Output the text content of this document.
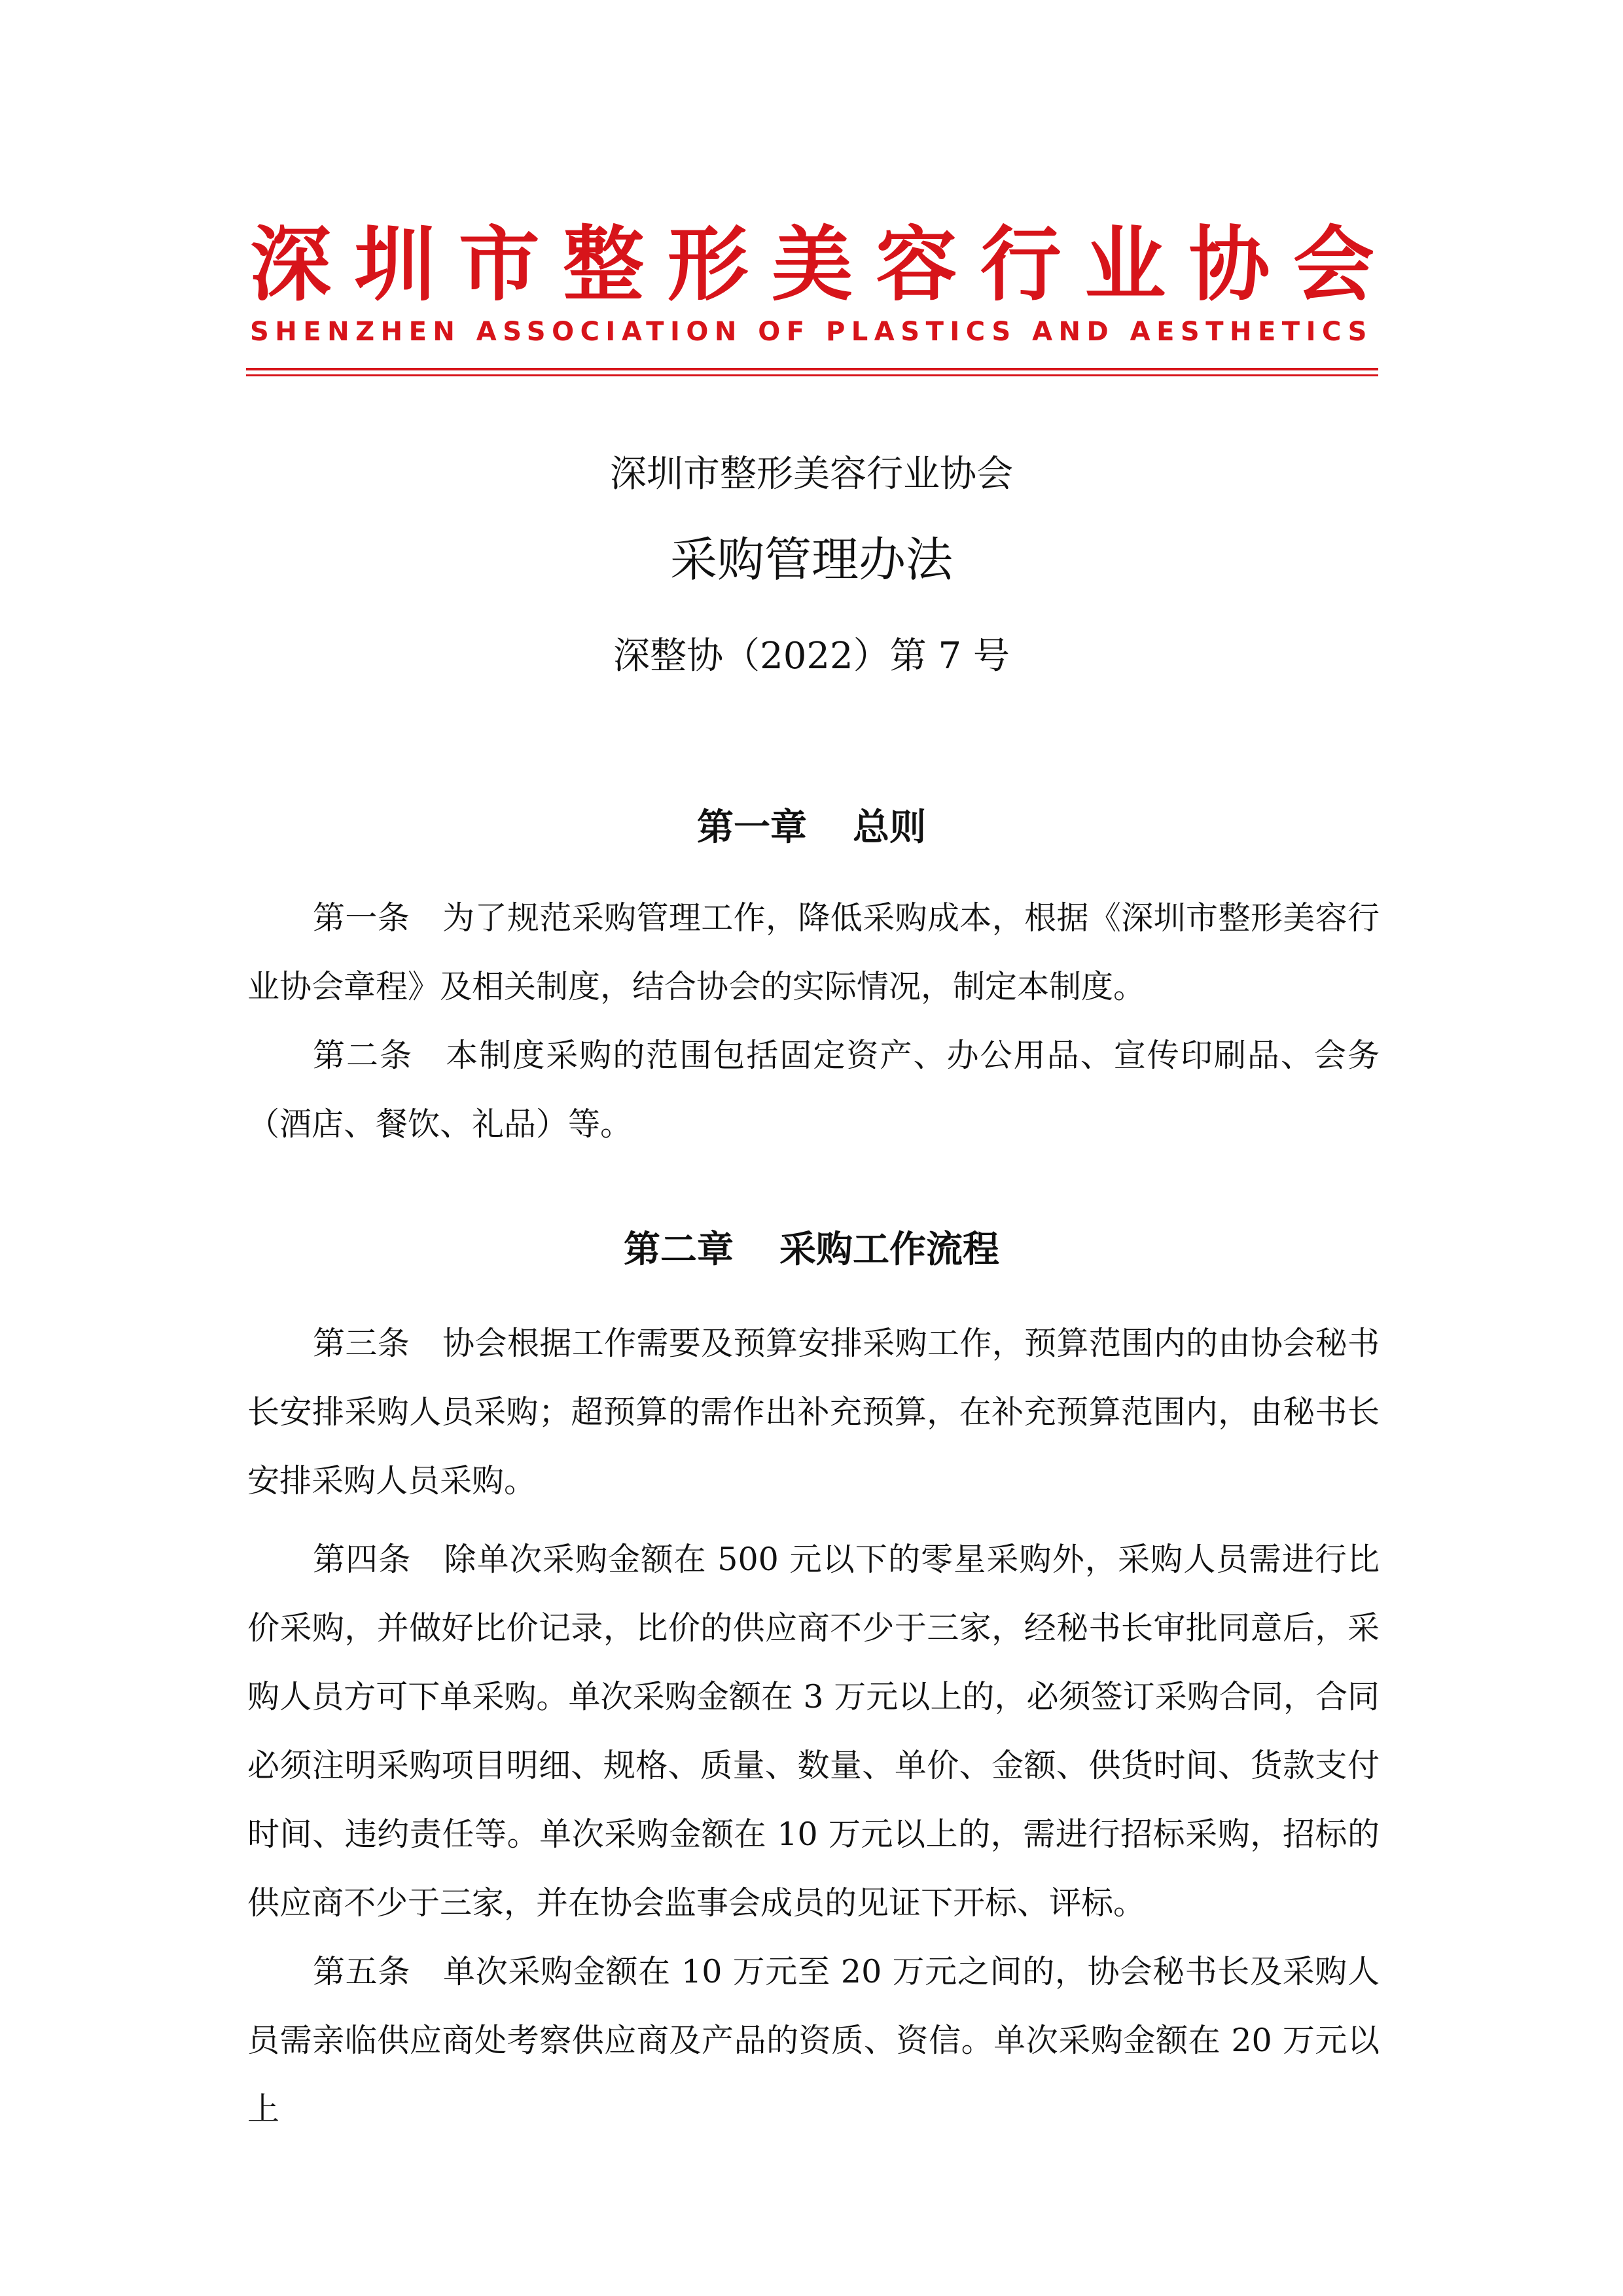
深 圳 市 整 形 美 容 行 业 协 会
SHENZHEN ASSOCIATION OF PLASTICS AND AESTHETICS
深圳市整形美容行业协会
采购管理办法
深整协（2022）第 7 号
第一章 总则
第一条 为了规范采购管理工作，降低采购成本，根据《深圳市整形美容行业协会章程》及相关制度，结合协会的实际情况，制定本制度。
第二条 本制度采购的范围包括固定资产、办公用品、宣传印刷品、会务（酒店、餐饮、礼品）等。
第二章 采购工作流程
第三条 协会根据工作需要及预算安排采购工作，预算范围内的由协会秘书长安排采购人员采购；超预算的需作出补充预算，在补充预算范围内，由秘书长安排采购人员采购。
第四条 除单次采购金额在 500 元以下的零星采购外，采购人员需进行比价采购，并做好比价记录，比价的供应商不少于三家，经秘书长审批同意后，采购人员方可下单采购。单次采购金额在 3 万元以上的，必须签订采购合同，合同必须注明采购项目明细、规格、质量、数量、单价、金额、供货时间、货款支付时间、违约责任等。单次采购金额在 10 万元以上的，需进行招标采购，招标的供应商不少于三家，并在协会监事会成员的见证下开标、评标。
第五条 单次采购金额在 10 万元至 20 万元之间的，协会秘书长及采购人员需亲临供应商处考察供应商及产品的资质、资信。单次采购金额在 20 万元以上
